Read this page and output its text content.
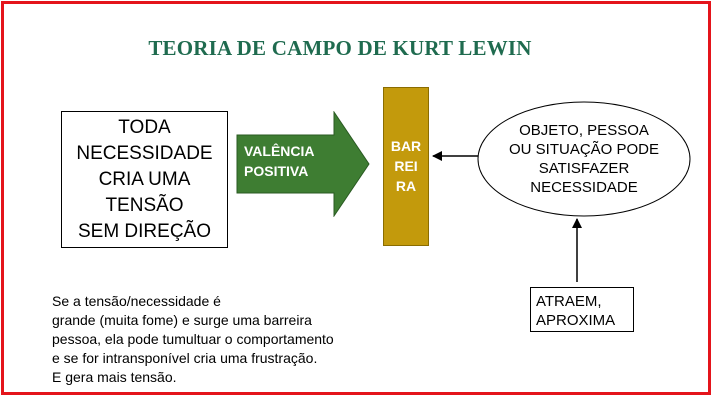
TEORIA DE CAMPO DE KURT LEWIN
TODA
NECESSIDADE
CRIA UMA
TENSÃO
SEM DIREÇÃO
VALÊNCIA
POSITIVA
BAR
REI
RA
OBJETO, PESSOA
OU SITUAÇÃO PODE
SATISFAZER
NECESSIDADE
ATRAEM,
APROXIMA
Se a tensão/necessidade é
grande (muita fome) e surge uma barreira
pessoa, ela pode tumultuar o comportamento
e se for intransponível cria uma frustração.
E gera mais tensão.
